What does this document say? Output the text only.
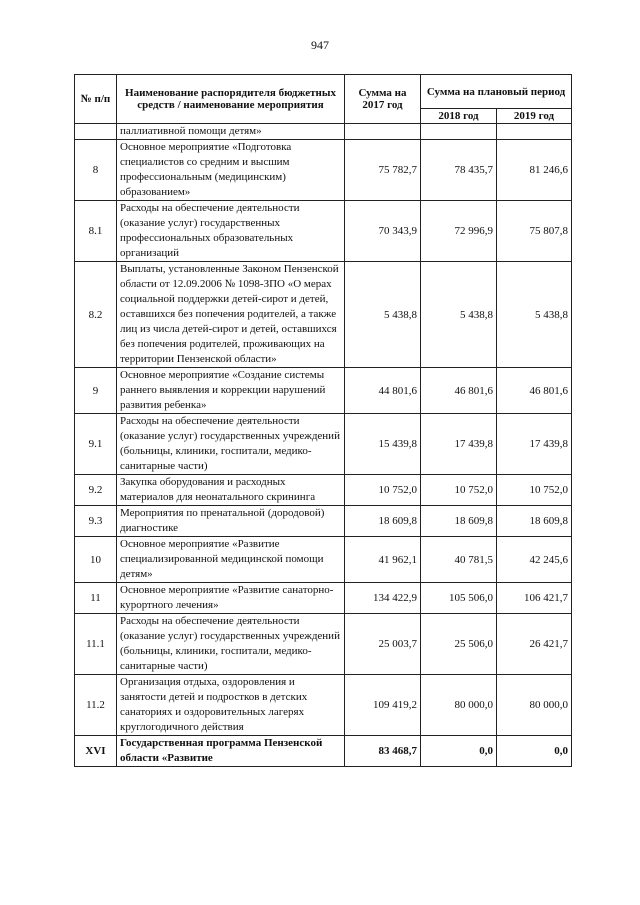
947
№ п/п	Наименование распорядителя бюджетных средств / наименование мероприятия	Сумма на 2017 год	Сумма на плановый период	
			2018 год	2019 год
	паллиативной помощи детям»			
8	Основное мероприятие «Подготовка специалистов со средним и высшим профессиональным (медицинским) образованием»	75 782,7	78 435,7	81 246,6
8.1	Расходы на обеспечение деятельности (оказание услуг) государственных профессиональных образовательных организаций	70 343,9	72 996,9	75 807,8
8.2	Выплаты, установленные Законом Пензенской области от 12.09.2006 № 1098-ЗПО «О мерах социальной поддержки детей-сирот и детей, оставшихся без попечения родителей, а также лиц из числа детей-сирот и детей, оставшихся без попечения родителей, проживающих на территории Пензенской области»	5 438,8	5 438,8	5 438,8
9	Основное мероприятие «Создание системы раннего выявления и коррекции нарушений развития ребенка»	44 801,6	46 801,6	46 801,6
9.1	Расходы на обеспечение деятельности (оказание услуг) государственных учреждений (больницы, клиники, госпитали, медико-санитарные части)	15 439,8	17 439,8	17 439,8
9.2	Закупка оборудования и расходных материалов для неонатального скрининга	10 752,0	10 752,0	10 752,0
9.3	Мероприятия по пренатальной (дородовой) диагностике	18 609,8	18 609,8	18 609,8
10	Основное мероприятие «Развитие специализированной медицинской помощи детям»	41 962,1	40 781,5	42 245,6
11	Основное мероприятие «Развитие санаторно-курортного лечения»	134 422,9	105 506,0	106 421,7
11.1	Расходы на обеспечение деятельности (оказание услуг) государственных учреждений (больницы, клиники, госпитали, медико-санитарные части)	25 003,7	25 506,0	26 421,7
11.2	Организация отдыха, оздоровления и занятости детей и подростков в детских санаториях и оздоровительных лагерях круглогодичного действия	109 419,2	80 000,0	80 000,0
XVI	Государственная программа Пензенской области «Развитие	83 468,7	0,0	0,0
